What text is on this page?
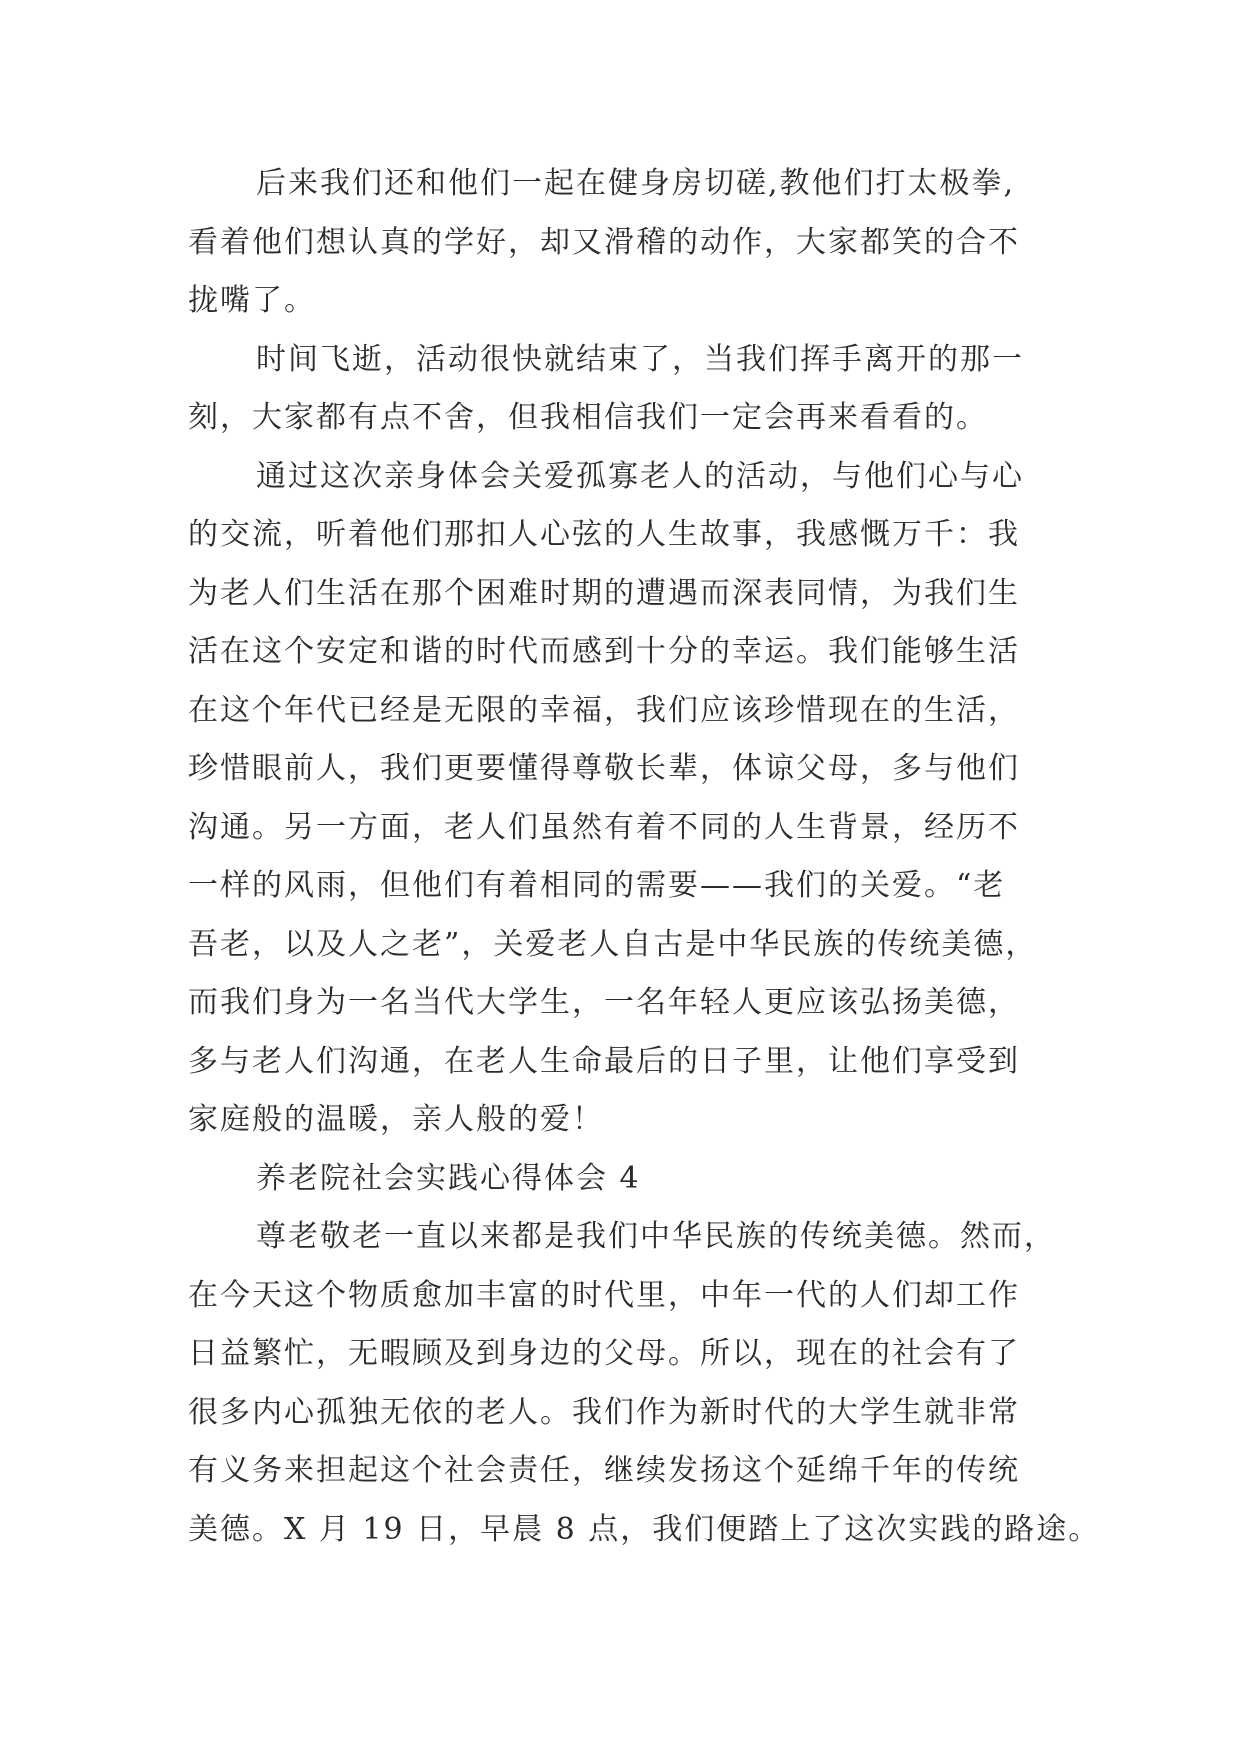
后来我们还和他们一起在健身房切磋,教他们打太极拳,
看着他们想认真的学好，却又滑稽的动作，大家都笑的合不
拢嘴了。

时间飞逝，活动很快就结束了，当我们挥手离开的那一
刻，大家都有点不舍，但我相信我们一定会再来看看的。

通过这次亲身体会关爱孤寡老人的活动，与他们心与心
的交流，听着他们那扣人心弦的人生故事，我感慨万千：我
为老人们生活在那个困难时期的遭遇而深表同情，为我们生
活在这个安定和谐的时代而感到十分的幸运。我们能够生活
在这个年代已经是无限的幸福，我们应该珍惜现在的生活，
珍惜眼前人，我们更要懂得尊敬长辈，体谅父母，多与他们
沟通。另一方面，老人们虽然有着不同的人生背景，经历不
一样的风雨，但他们有着相同的需要——我们的关爱。“老
吾老，以及人之老”，关爱老人自古是中华民族的传统美德，
而我们身为一名当代大学生，一名年轻人更应该弘扬美德，
多与老人们沟通，在老人生命最后的日子里，让他们享受到
家庭般的温暖，亲人般的爱！

养老院社会实践心得体会 4

尊老敬老一直以来都是我们中华民族的传统美德。然而，
在今天这个物质愈加丰富的时代里，中年一代的人们却工作
日益繁忙，无暇顾及到身边的父母。所以，现在的社会有了
很多内心孤独无依的老人。我们作为新时代的大学生就非常
有义务来担起这个社会责任，继续发扬这个延绵千年的传统
美德。X 月 19 日，早晨 8 点，我们便踏上了这次实践的路途。
